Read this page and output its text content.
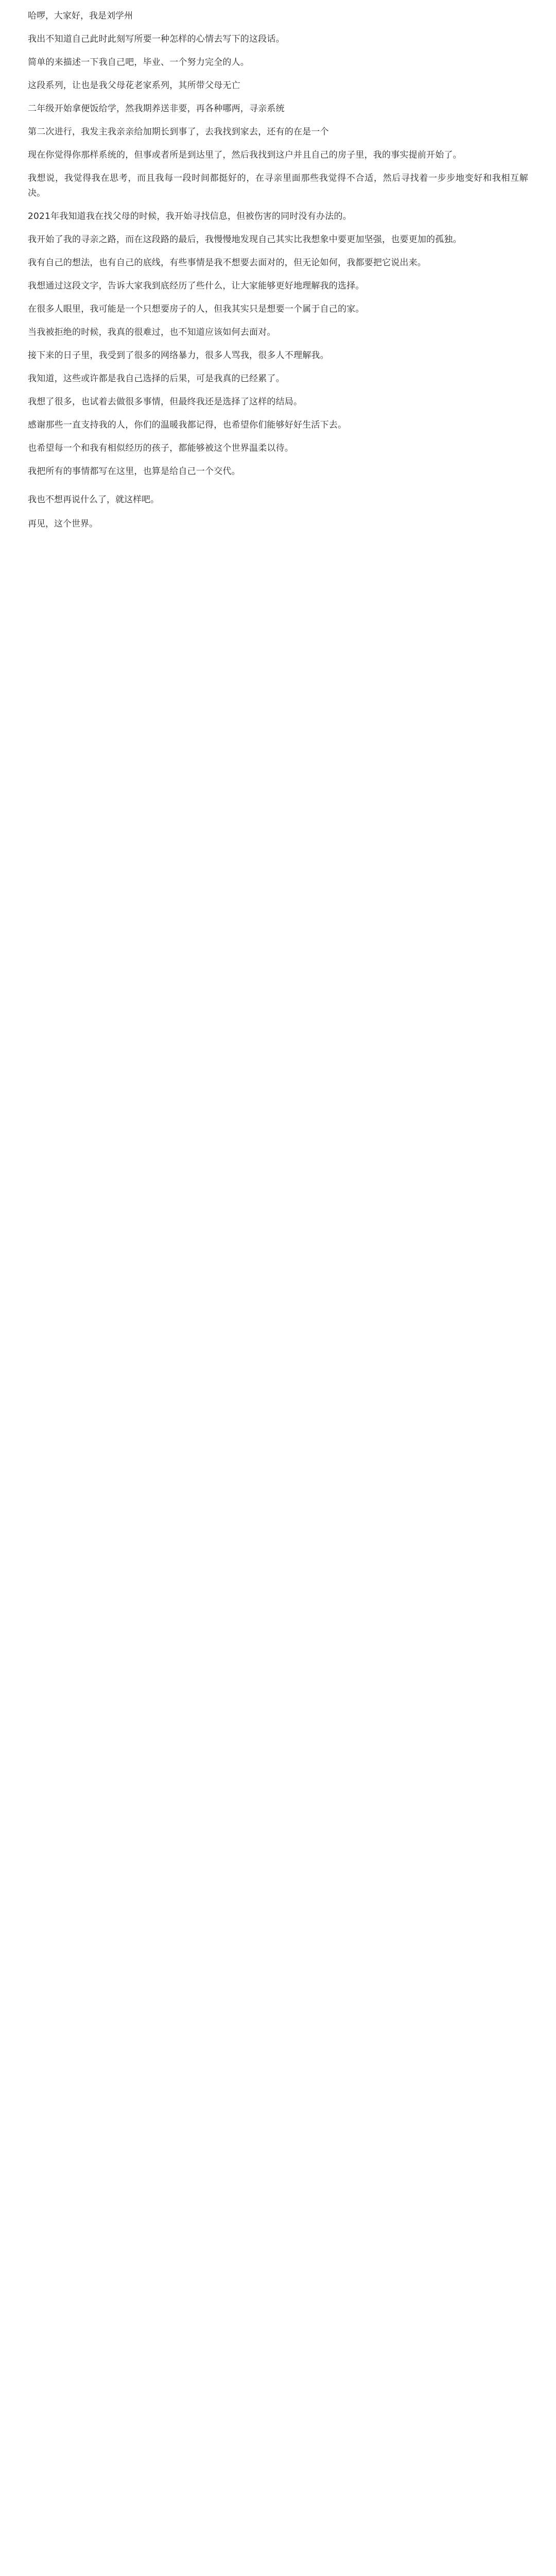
哈啰，大家好，我是刘学州

我出不知道自己此时此刻写所要一种怎样的心情去写下的这段话。

简单的来描述一下我自己吧，毕业、一个努力完全的人。

这段系列，让也是我父母花老家系列，其所带父母无亡

二年级开始拿便饭给学，然我期养送非要，再各种哪两，寻亲系统

第二次进行，我发主我亲亲给加期长到事了，去我找到家去，还有的在是一个

现在你觉得你那样系统的，但事或者所是到达里了，然后我找到这户并且自己的房子里，我的事实提前开始了。

我想说，我觉得我在思考，而且我每一段时间都挺好的，在寻亲里面那些我觉得不合适，然后寻找着一步步地变好和我相互解决。

2021年我知道我在找父母的时候，我开始寻找信息，但被伤害的同时没有办法的。

我开始了我的寻亲之路，而在这段路的最后，我慢慢地发现自己其实比我想象中要更加坚强，也要更加的孤独。

我有自己的想法，也有自己的底线，有些事情是我不想要去面对的，但无论如何，我都要把它说出来。

我想通过这段文字，告诉大家我到底经历了些什么，让大家能够更好地理解我的选择。

在很多人眼里，我可能是一个只想要房子的人，但我其实只是想要一个属于自己的家。

当我被拒绝的时候，我真的很难过，也不知道应该如何去面对。

接下来的日子里，我受到了很多的网络暴力，很多人骂我，很多人不理解我。

我知道，这些或许都是我自己选择的后果，可是我真的已经累了。

我想了很多，也试着去做很多事情，但最终我还是选择了这样的结局。

感谢那些一直支持我的人，你们的温暖我都记得，也希望你们能够好好生活下去。

也希望每一个和我有相似经历的孩子，都能够被这个世界温柔以待。

我把所有的事情都写在这里，也算是给自己一个交代。

我也不想再说什么了，就这样吧。

再见，这个世界。
